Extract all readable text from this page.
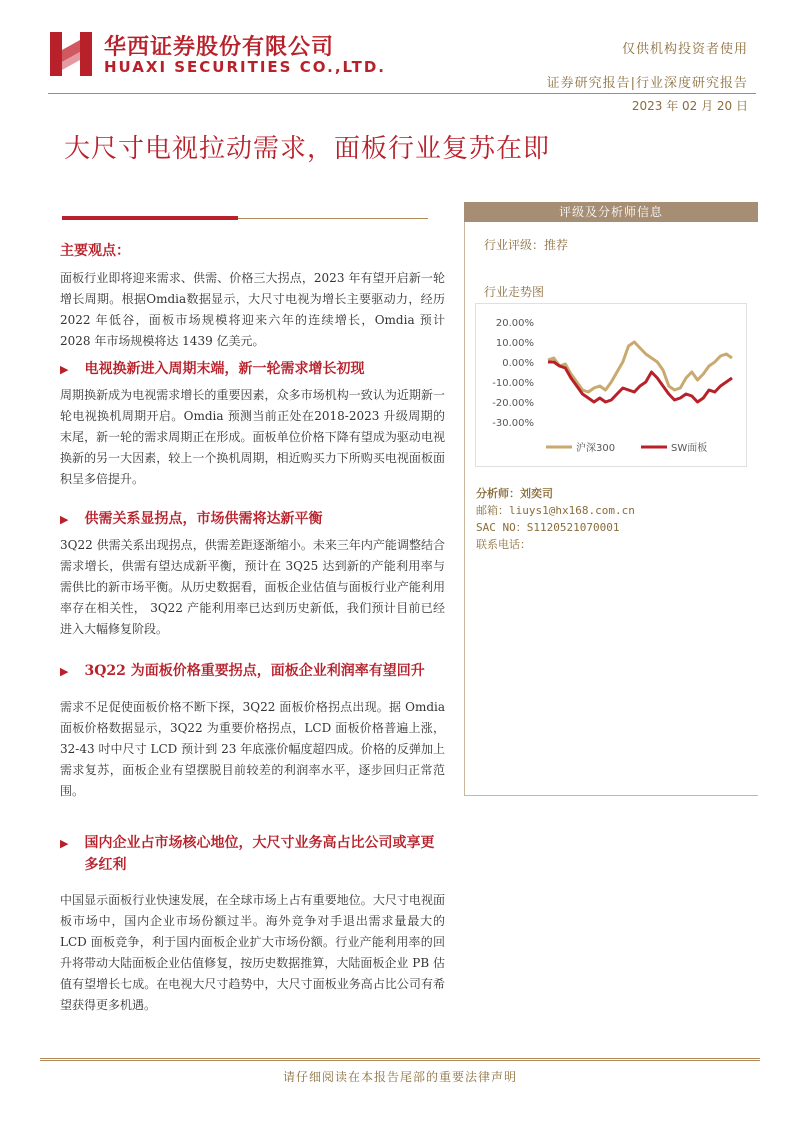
华西证券股份有限公司
HUAXI SECURITIES CO.,LTD.
仅供机构投资者使用
证券研究报告|行业深度研究报告
2023 年 02 月 20 日
大尺寸电视拉动需求，面板行业复苏在即
主要观点：
面板行业即将迎来需求、供需、价格三大拐点，2023 年有望开启新一轮增长周期。根据Omdia数据显示，大尺寸电视为增长主要驱动力，经历 2022 年低谷，面板市场规模将迎来六年的连续增长，Omdia 预计 2028 年市场规模将达 1439 亿美元。
▶ 电视换新进入周期末端，新一轮需求增长初现
周期换新成为电视需求增长的重要因素，众多市场机构一致认为近期新一轮电视换机周期开启。Omdia 预测当前正处在2018-2023 升级周期的末尾，新一轮的需求周期正在形成。面板单位价格下降有望成为驱动电视换新的另一大因素，较上一个换机周期，相近购买力下所购买电视面板面积呈多倍提升。
▶ 供需关系显拐点，市场供需将达新平衡
3Q22 供需关系出现拐点，供需差距逐渐缩小。未来三年内产能调整结合需求增长，供需有望达成新平衡，预计在 3Q25 达到新的产能利用率与需供比的新市场平衡。从历史数据看，面板企业估值与面板行业产能利用率存在相关性， 3Q22 产能利用率已达到历史新低，我们预计目前已经进入大幅修复阶段。
▶ 3Q22 为面板价格重要拐点，面板企业利润率有望回升
需求不足促使面板价格不断下探，3Q22 面板价格拐点出现。据 Omdia 面板价格数据显示，3Q22 为重要价格拐点，LCD 面板价格普遍上涨，32-43 吋中尺寸 LCD 预计到 23 年底涨价幅度超四成。价格的反弹加上需求复苏，面板企业有望摆脱目前较差的利润率水平，逐步回归正常范围。
▶ 国内企业占市场核心地位，大尺寸业务高占比公司或享更多红利
中国显示面板行业快速发展，在全球市场上占有重要地位。大尺寸电视面板市场中，国内企业市场份额过半。海外竞争对手退出需求量最大的 LCD 面板竞争，利于国内面板企业扩大市场份额。行业产能利用率的回升将带动大陆面板企业估值修复，按历史数据推算，大陆面板企业 PB 估值有望增长七成。在电视大尺寸趋势中，大尺寸面板业务高占比公司有希望获得更多机遇。
评级及分析师信息
行业评级：推荐
行业走势图
20.00%
10.00%
0.00%
-10.00%
-20.00%
-30.00%
沪深300	SW面板
分析师：刘奕司
邮箱：liuys1@hx168.com.cn
SAC NO：S1120521070001
联系电话：
请仔细阅读在本报告尾部的重要法律声明
